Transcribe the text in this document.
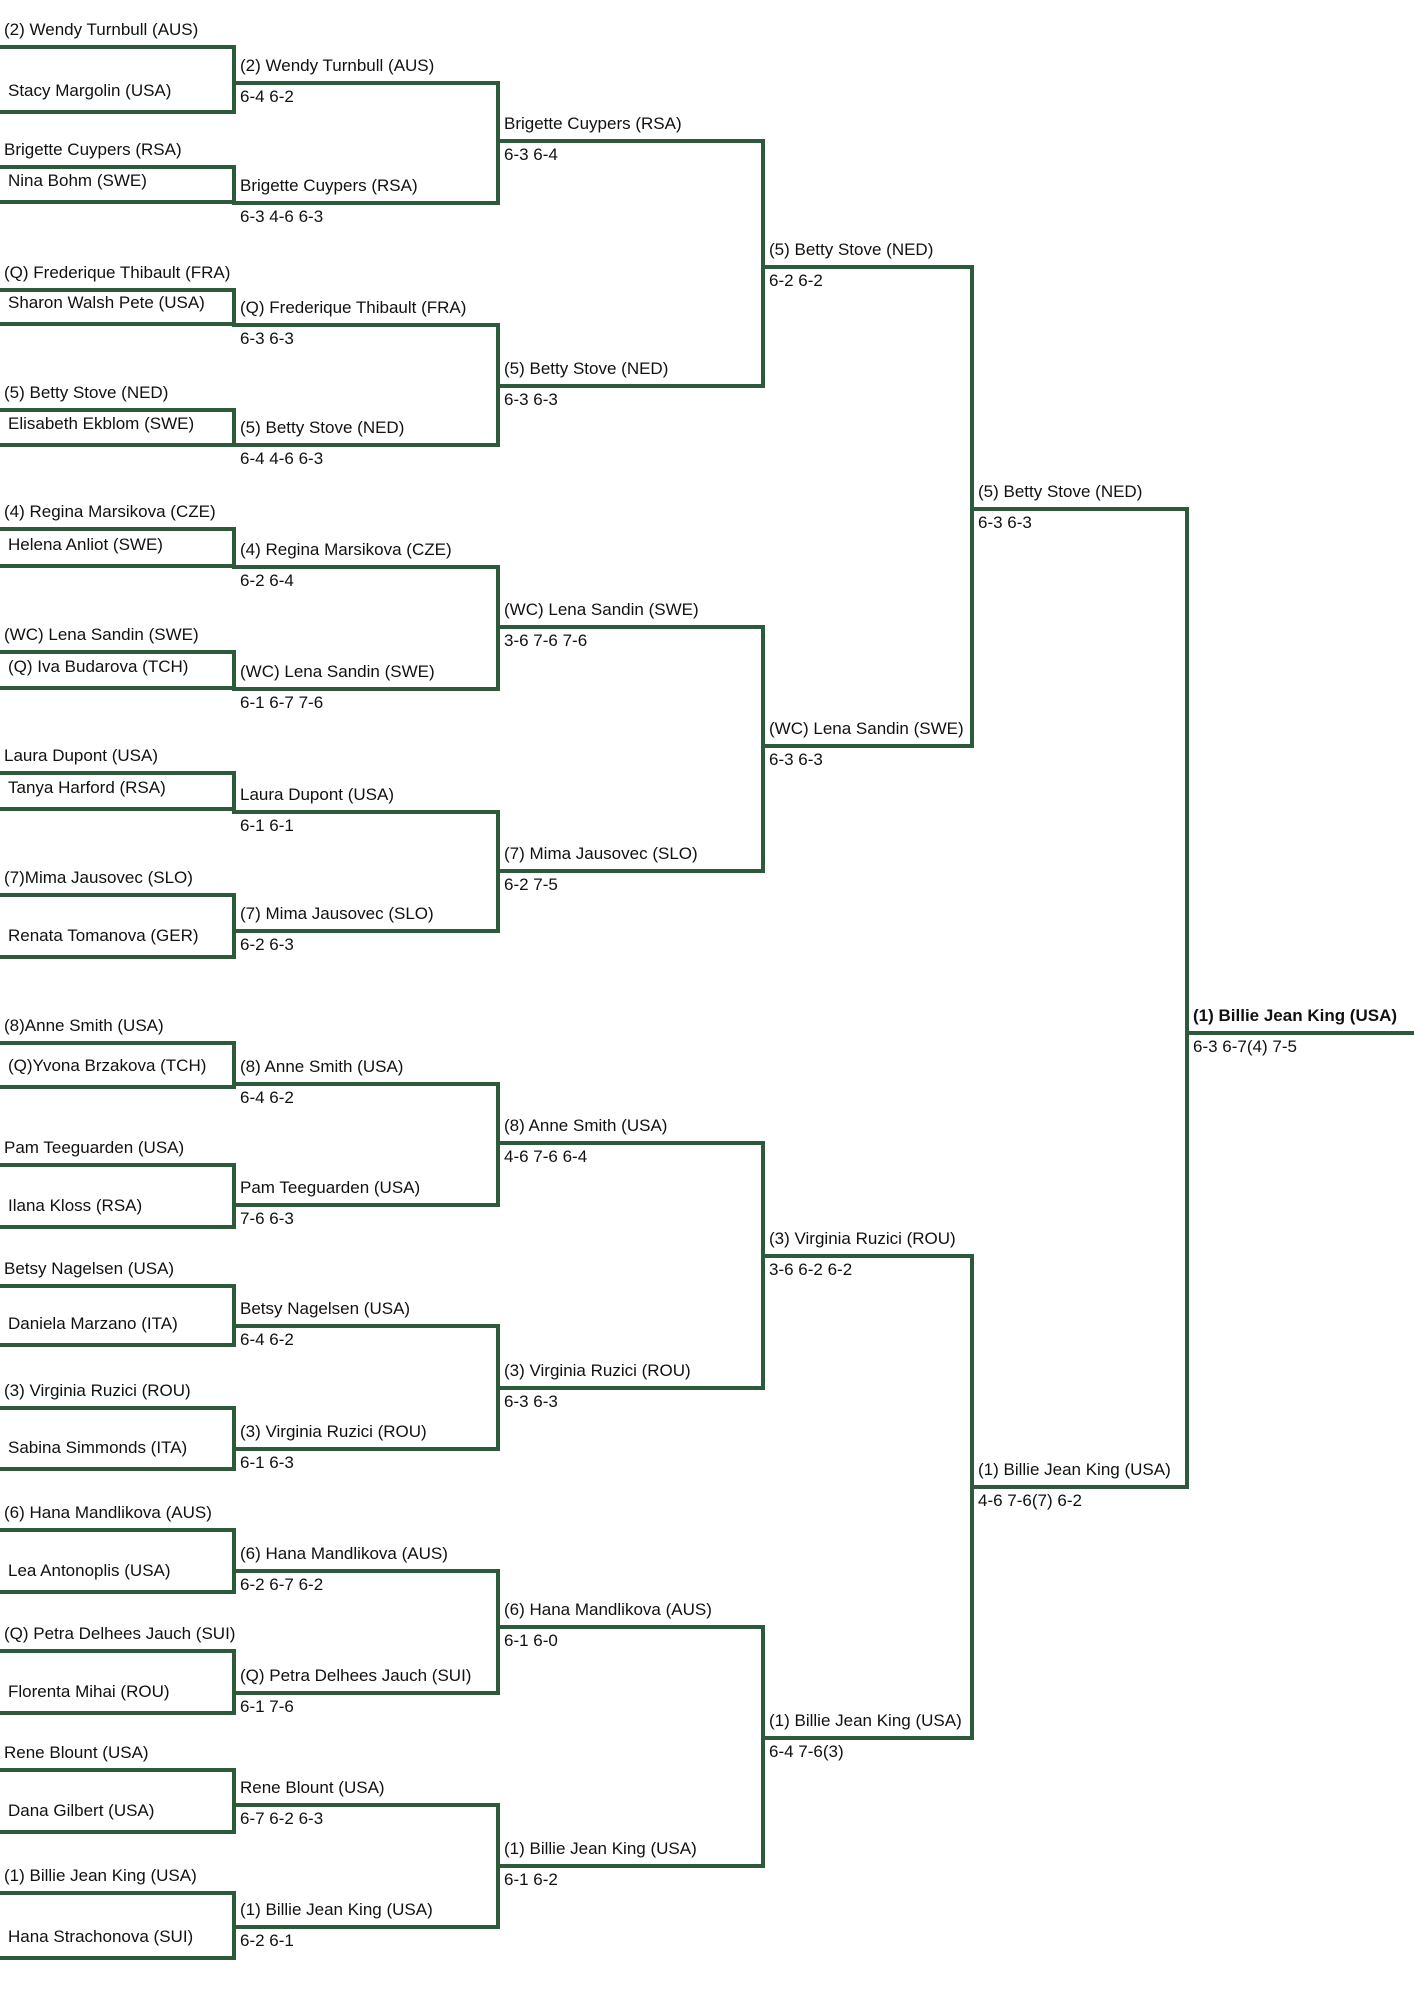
(2) Wendy Turnbull (AUS)
Stacy Margolin (USA)
Brigette Cuypers (RSA)
Nina Bohm (SWE)
(Q) Frederique Thibault (FRA)
Sharon Walsh Pete (USA)
(5) Betty Stove (NED)
Elisabeth Ekblom (SWE)
(4) Regina Marsikova (CZE)
Helena Anliot (SWE)
(WC) Lena Sandin (SWE)
(Q) Iva Budarova (TCH)
Laura Dupont (USA)
Tanya Harford (RSA)
(7)Mima Jausovec (SLO)
Renata Tomanova (GER)
(8)Anne Smith (USA)
(Q)Yvona Brzakova (TCH)
Pam Teeguarden (USA)
Ilana Kloss (RSA)
Betsy Nagelsen (USA)
Daniela Marzano (ITA)
(3) Virginia Ruzici (ROU)
Sabina Simmonds (ITA)
(6) Hana Mandlikova (AUS)
Lea Antonoplis (USA)
(Q) Petra Delhees Jauch (SUI)
Florenta Mihai (ROU)
Rene Blount (USA)
Dana Gilbert (USA)
(1) Billie Jean King (USA)
Hana Strachonova (SUI)
(2) Wendy Turnbull (AUS)
6-4 6-2
Brigette Cuypers (RSA)
6-3 4-6 6-3
(Q) Frederique Thibault (FRA)
6-3 6-3
(5) Betty Stove (NED)
6-4 4-6 6-3
(4) Regina Marsikova (CZE)
6-2 6-4
(WC) Lena Sandin (SWE)
6-1 6-7 7-6
Laura Dupont (USA)
6-1 6-1
(7) Mima Jausovec (SLO)
6-2 6-3
(8) Anne Smith (USA)
6-4 6-2
Pam Teeguarden (USA)
7-6 6-3
Betsy Nagelsen (USA)
6-4 6-2
(3) Virginia Ruzici (ROU)
6-1 6-3
(6) Hana Mandlikova (AUS)
6-2 6-7 6-2
(Q) Petra Delhees Jauch (SUI)
6-1 7-6
Rene Blount (USA)
6-7 6-2 6-3
(1) Billie Jean King (USA)
6-2 6-1
Brigette Cuypers (RSA)
6-3 6-4
(5) Betty Stove (NED)
6-3 6-3
(WC) Lena Sandin (SWE)
3-6 7-6 7-6
(7) Mima Jausovec (SLO)
6-2 7-5
(8) Anne Smith (USA)
4-6 7-6 6-4
(3) Virginia Ruzici (ROU)
6-3 6-3
(6) Hana Mandlikova (AUS)
6-1 6-0
(1) Billie Jean King (USA)
6-1 6-2
(5) Betty Stove (NED)
6-2 6-2
(WC) Lena Sandin (SWE)
6-3 6-3
(3) Virginia Ruzici (ROU)
3-6 6-2 6-2
(1) Billie Jean King (USA)
6-4 7-6(3)
(5) Betty Stove (NED)
6-3 6-3
(1) Billie Jean King (USA)
4-6 7-6(7) 6-2
(1) Billie Jean King (USA)
6-3 6-7(4) 7-5
